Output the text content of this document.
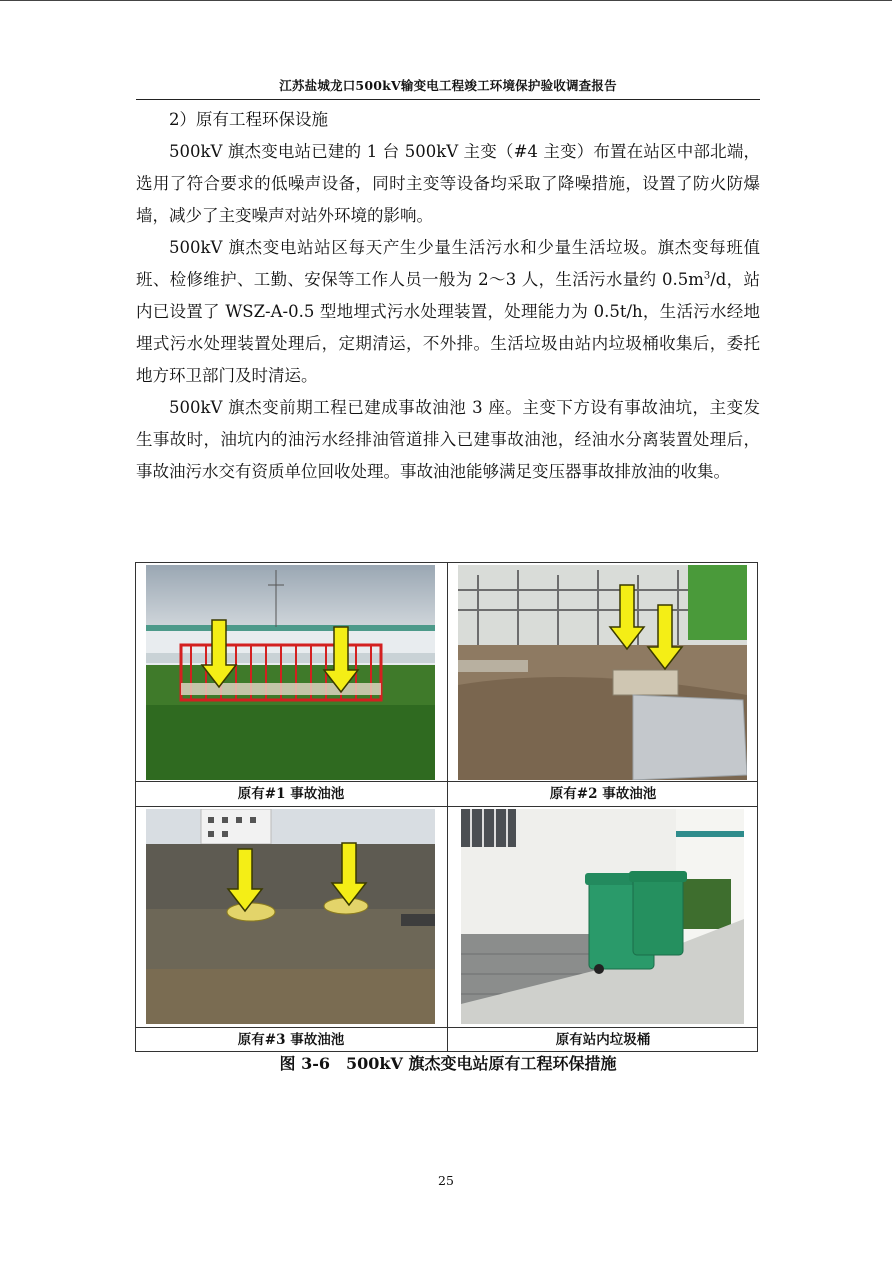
江苏盐城龙口500kV输变电工程竣工环境保护验收调查报告

2）原有工程环保设施

500kV 旗杰变电站已建的 1 台 500kV 主变（#4 主变）布置在站区中部北端，选用了符合要求的低噪声设备，同时主变等设备均采取了降噪措施，设置了防火防爆墙，减少了主变噪声对站外环境的影响。

500kV 旗杰变电站站区每天产生少量生活污水和少量生活垃圾。旗杰变每班值班、检修维护、工勤、安保等工作人员一般为 2～3 人，生活污水量约 $0.5m^3/d$，站内已设置了 WSZ-A-0.5 型地埋式污水处理装置，处理能力为 0.5t/h，生活污水经地埋式污水处理装置处理后，定期清运，不外排。生活垃圾由站内垃圾桶收集后，委托地方环卫部门及时清运。

500kV 旗杰变前期工程已建成事故油池 3 座。主变下方设有事故油坑，主变发生事故时，油坑内的油污水经排油管道排入已建事故油池，经油水分离装置处理后，事故油污水交有资质单位回收处理。事故油池能够满足变压器事故排放油的收集。

原有#1 事故油池	原有#2 事故油池
原有#3 事故油池	原有站内垃圾桶
图 3-6　500kV 旗杰变电站原有工程环保措施
25
